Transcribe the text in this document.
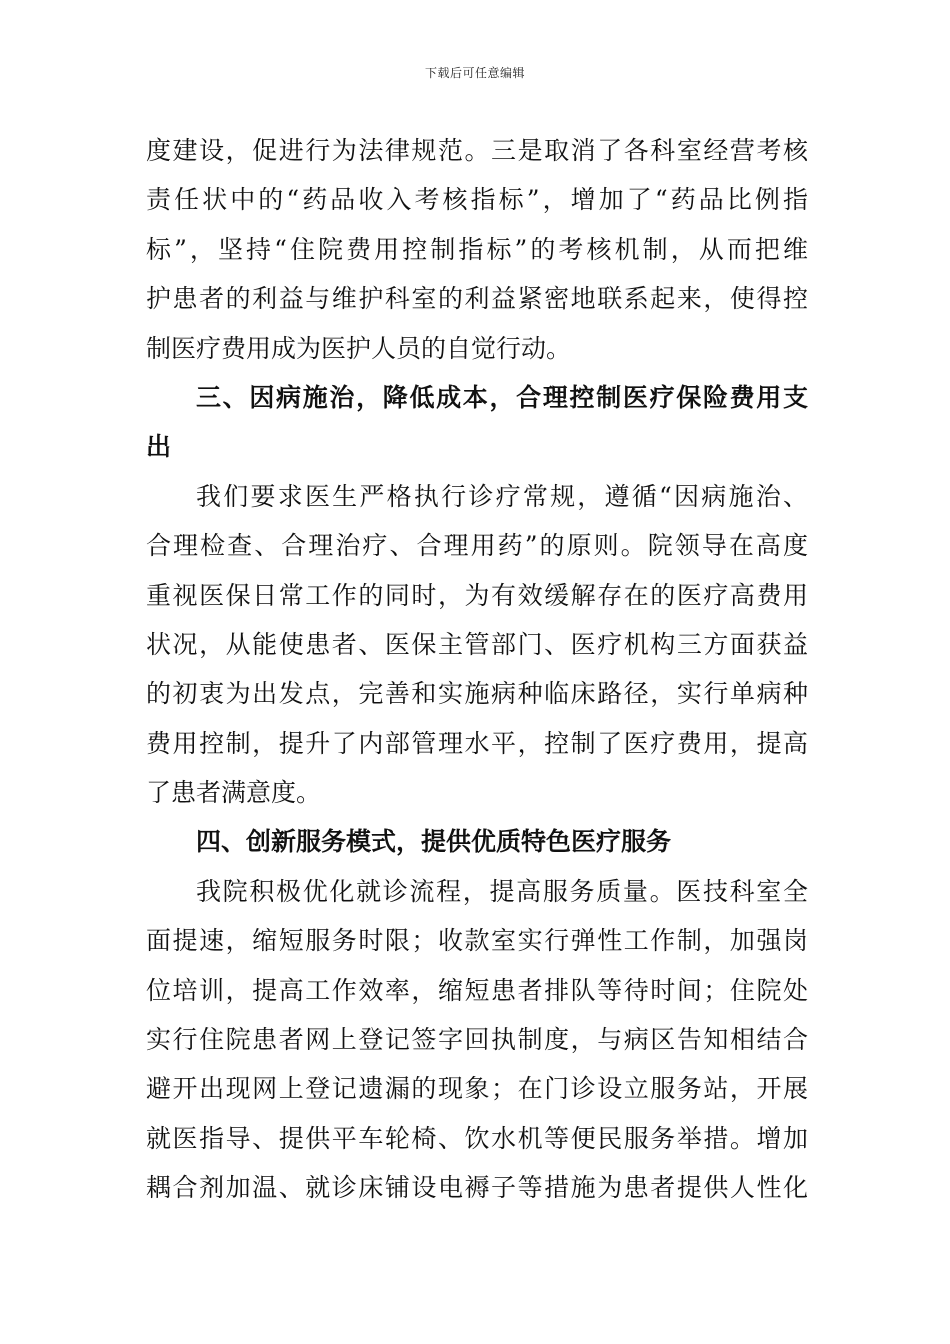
下载后可任意编辑
度建设，促进行为法律规范。三是取消了各科室经营考核
责任状中的“药品收入考核指标”，增加了“药品比例指
标”，坚持“住院费用控制指标”的考核机制，从而把维
护患者的利益与维护科室的利益紧密地联系起来，使得控
制医疗费用成为医护人员的自觉行动。
三、因病施治，降低成本，合理控制医疗保险费用支
出
我们要求医生严格执行诊疗常规，遵循“因病施治、
合理检查、合理治疗、合理用药”的原则。院领导在高度
重视医保日常工作的同时，为有效缓解存在的医疗高费用
状况，从能使患者、医保主管部门、医疗机构三方面获益
的初衷为出发点，完善和实施病种临床路径，实行单病种
费用控制，提升了内部管理水平，控制了医疗费用，提高
了患者满意度。
四、创新服务模式，提供优质特色医疗服务
我院积极优化就诊流程，提高服务质量。医技科室全
面提速，缩短服务时限；收款室实行弹性工作制，加强岗
位培训，提高工作效率，缩短患者排队等待时间；住院处
实行住院患者网上登记签字回执制度，与病区告知相结合
避开出现网上登记遗漏的现象；在门诊设立服务站，开展
就医指导、提供平车轮椅、饮水机等便民服务举措。增加
耦合剂加温、就诊床铺设电褥子等措施为患者提供人性化
